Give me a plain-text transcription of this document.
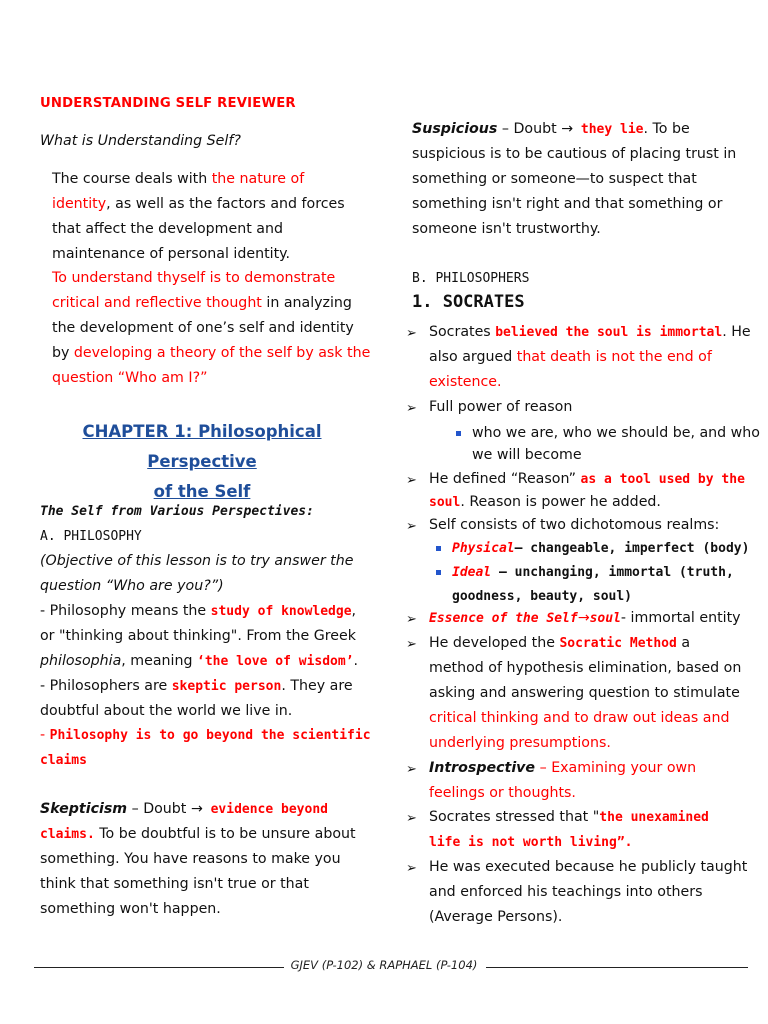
UNDERSTANDING SELF REVIEWER
What is Understanding Self?
The course deals with the nature of
identity, as well as the factors and forces
that affect the development and
maintenance of personal identity.
To understand thyself is to demonstrate
critical and reflective thought in analyzing
the development of one’s self and identity
by developing a theory of the self by ask the
question “Who am I?”
CHAPTER 1: Philosophical Perspective
of the Self
The Self from Various Perspectives:
A. PHILOSOPHY
(Objective of this lesson is to try answer the
question “Who are you?”)
- Philosophy means the study of knowledge,
or "thinking about thinking". From the Greek
philosophia, meaning ‘the love of wisdom’.
- Philosophers are skeptic person. They are
doubtful about the world we live in.
- Philosophy is to go beyond the scientific
claims
Skepticism – Doubt → evidence beyond
claims. To be doubtful is to be unsure about
something. You have reasons to make you
think that something isn't true or that
something won't happen.
Suspicious – Doubt → they lie. To be
suspicious is to be cautious of placing trust in
something or someone—to suspect that
something isn't right and that something or
someone isn't trustworthy.
B. PHILOSOPHERS
1. SOCRATES
➢ Socrates believed the soul is immortal. He
also argued that death is not the end of
existence.
➢ Full power of reason
who we are, who we should be, and who
we will become
➢ He defined “Reason” as a tool used by the
soul. Reason is power he added.
➢ Self consists of two dichotomous realms:
Physical– changeable, imperfect (body)
Ideal – unchanging, immortal (truth,
goodness, beauty, soul)
➢ Essence of the Self→soul- immortal entity
➢ He developed the Socratic Method a
method of hypothesis elimination, based on
asking and answering question to stimulate
critical thinking and to draw out ideas and
underlying presumptions.
➢ Introspective – Examining your own
feelings or thoughts.
➢ Socrates stressed that "the unexamined
life is not worth living”.
➢ He was executed because he publicly taught
and enforced his teachings into others
(Average Persons).
GJEV (P-102) & RAPHAEL (P-104)
